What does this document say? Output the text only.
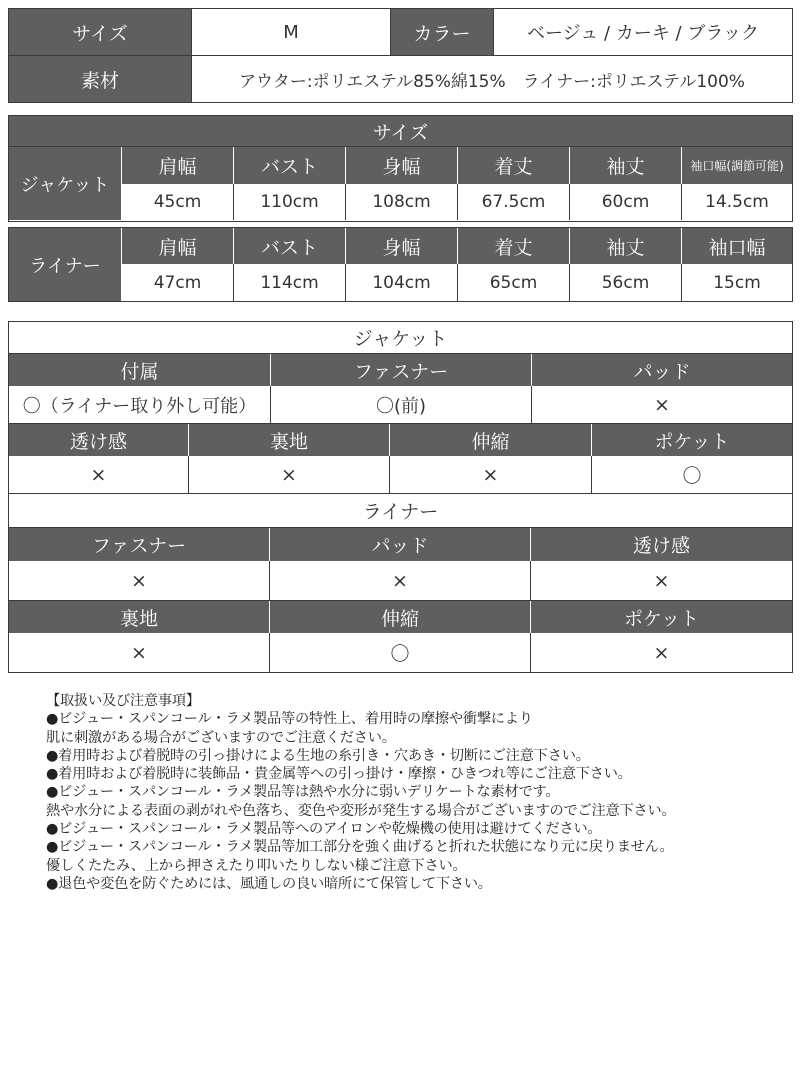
サイズ	M	カラー	ベージュ / カーキ / ブラック
素材	アウター:ポリエステル85%綿15%　ライナー:ポリエステル100%
サイズ
ジャケット
肩幅	バスト	身幅	着丈	袖丈	袖口幅(調節可能)
45cm	110cm	108cm	67.5cm	60cm	14.5cm
ライナー
肩幅	バスト	身幅	着丈	袖丈	袖口幅
47cm	114cm	104cm	65cm	56cm	15cm
ジャケット
付属	ファスナー	パッド
〇（ライナー取り外し可能）	〇(前)	×
透け感	裏地	伸縮	ポケット
×	×	×	〇
ライナー
ファスナー	パッド	透け感
×	×	×
裏地	伸縮	ポケット
×	〇	×
【取扱い及び注意事項】
●ビジュー・スパンコール・ラメ製品等の特性上、着用時の摩擦や衝撃により
肌に刺激がある場合がございますのでご注意ください。
●着用時および着脱時の引っ掛けによる生地の糸引き・穴あき・切断にご注意下さい。
●着用時および着脱時に装飾品・貴金属等への引っ掛け・摩擦・ひきつれ等にご注意下さい。
●ビジュー・スパンコール・ラメ製品等は熱や水分に弱いデリケートな素材です。
熱や水分による表面の剥がれや色落ち、変色や変形が発生する場合がございますのでご注意下さい。
●ビジュー・スパンコール・ラメ製品等へのアイロンや乾燥機の使用は避けてください。
●ビジュー・スパンコール・ラメ製品等加工部分を強く曲げると折れた状態になり元に戻りません。
優しくたたみ、上から押さえたり叩いたりしない様ご注意下さい。
●退色や変色を防ぐためには、風通しの良い暗所にて保管して下さい。
